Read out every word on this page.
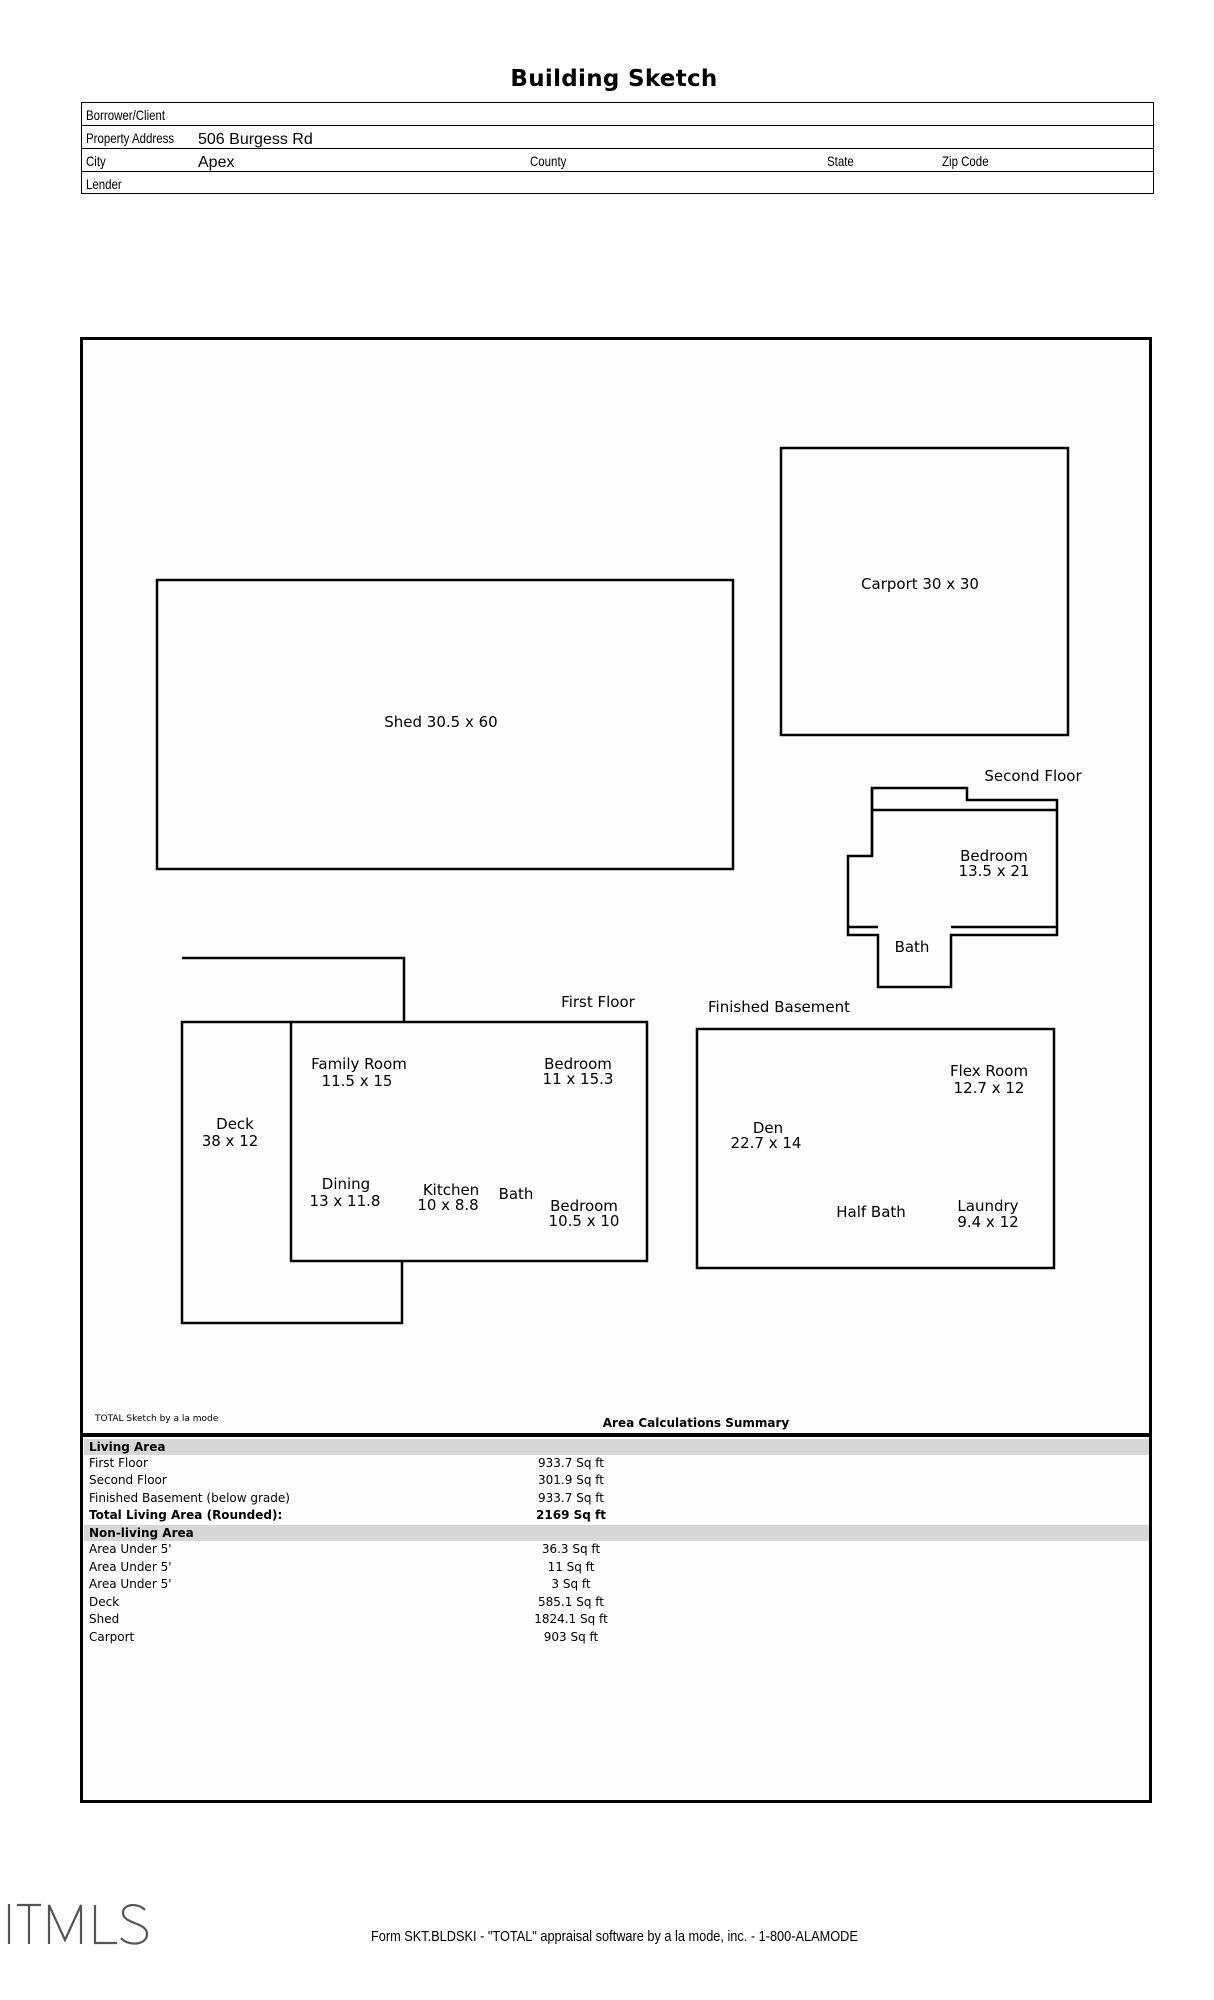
Building Sketch
Borrower/Client
Property Address 506 Burgess Rd
City	Apex	County	State	Zip Code
Lender
Carport 30 x 30
Shed 30.5 x 60
Second Floor
Bedroom
13.5 x 21
Bath
First Floor
Family Room
11.5 x 15
Bedroom
11 x 15.3
Deck
38 x 12
Dining
13 x 11.8
Kitchen
10 x 8.8
Bath
Bedroom
10.5 x 10
Finished Basement
Flex Room
12.7 x 12
Den
22.7 x 14
Half Bath	Laundry
9.4 x 12
TOTAL Sketch by a la mode	Area Calculations Summary
Living Area
First Floor	933.7 Sq ft
Second Floor	301.9 Sq ft
Finished Basement (below grade)	933.7 Sq ft
Total Living Area (Rounded):	2169 Sq ft
Non-living Area
Area Under 5'	36.3 Sq ft
Area Under 5'	11 Sq ft
Area Under 5'	3 Sq ft
Deck	585.1 Sq ft
Shed	1824.1 Sq ft
Carport	903 Sq ft
Form SKT.BLDSKI - "TOTAL" appraisal software by a la mode, inc. - 1-800-ALAMODE
